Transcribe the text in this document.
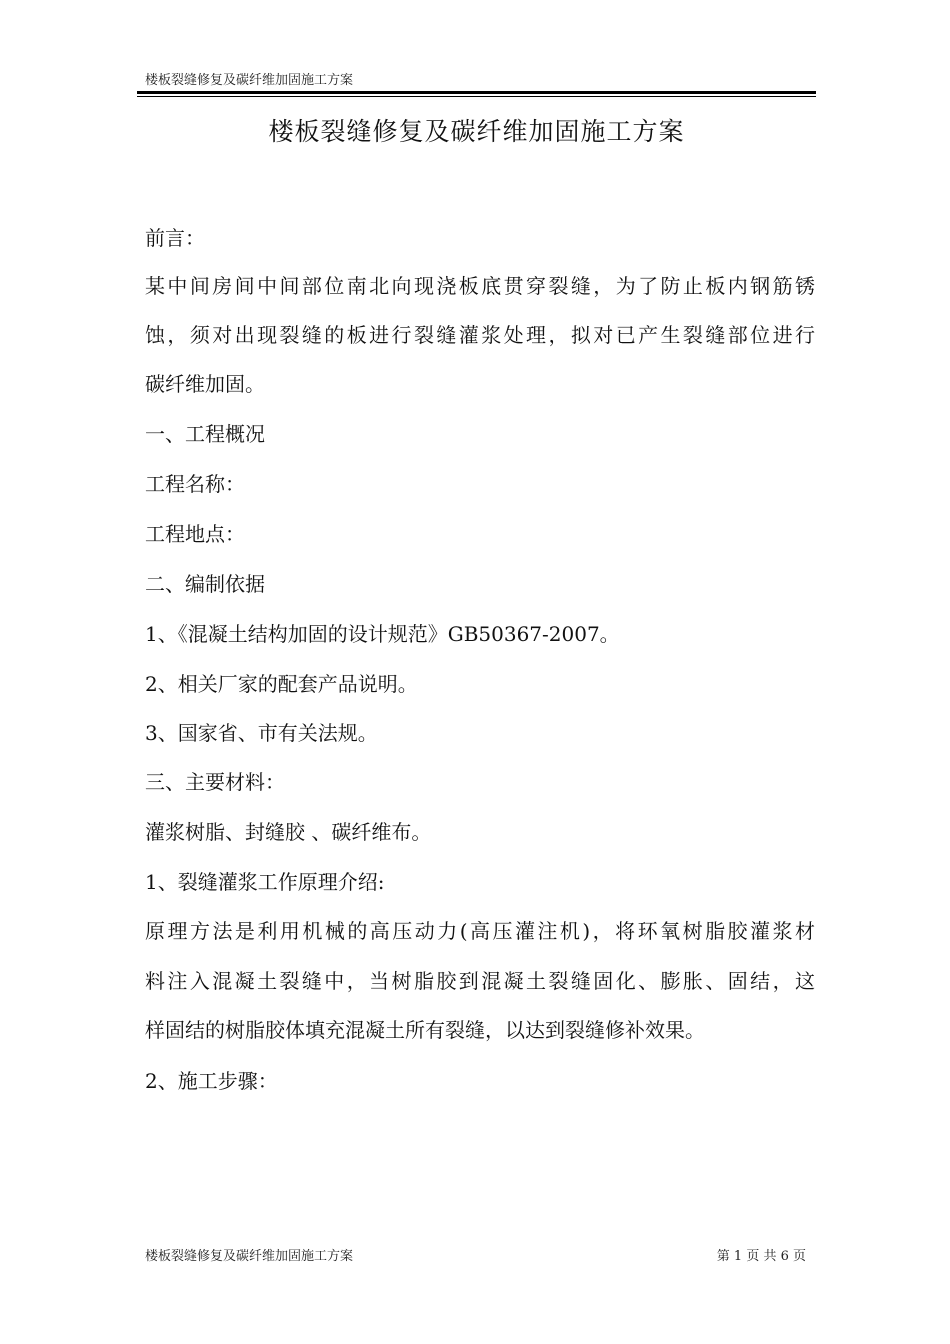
楼板裂缝修复及碳纤维加固施工方案
楼板裂缝修复及碳纤维加固施工方案
前言：
某中间房间中间部位南北向现浇板底贯穿裂缝，为了防止板内钢筋锈
蚀，须对出现裂缝的板进行裂缝灌浆处理，拟对已产生裂缝部位进行
碳纤维加固。
一、工程概况
工程名称：
工程地点：
二、编制依据
1、《混凝土结构加固的设计规范》GB50367-2007。
2、相关厂家的配套产品说明。
3、国家省、市有关法规。
三、主要材料：
灌浆树脂、封缝胶 、碳纤维布。
1、裂缝灌浆工作原理介绍:
原理方法是利用机械的高压动力(高压灌注机)，将环氧树脂胶灌浆材
料注入混凝土裂缝中，当树脂胶到混凝土裂缝固化、膨胀、固结，这
样固结的树脂胶体填充混凝土所有裂缝，以达到裂缝修补效果。
2、施工步骤：
楼板裂缝修复及碳纤维加固施工方案	第 1 页 共 6 页
